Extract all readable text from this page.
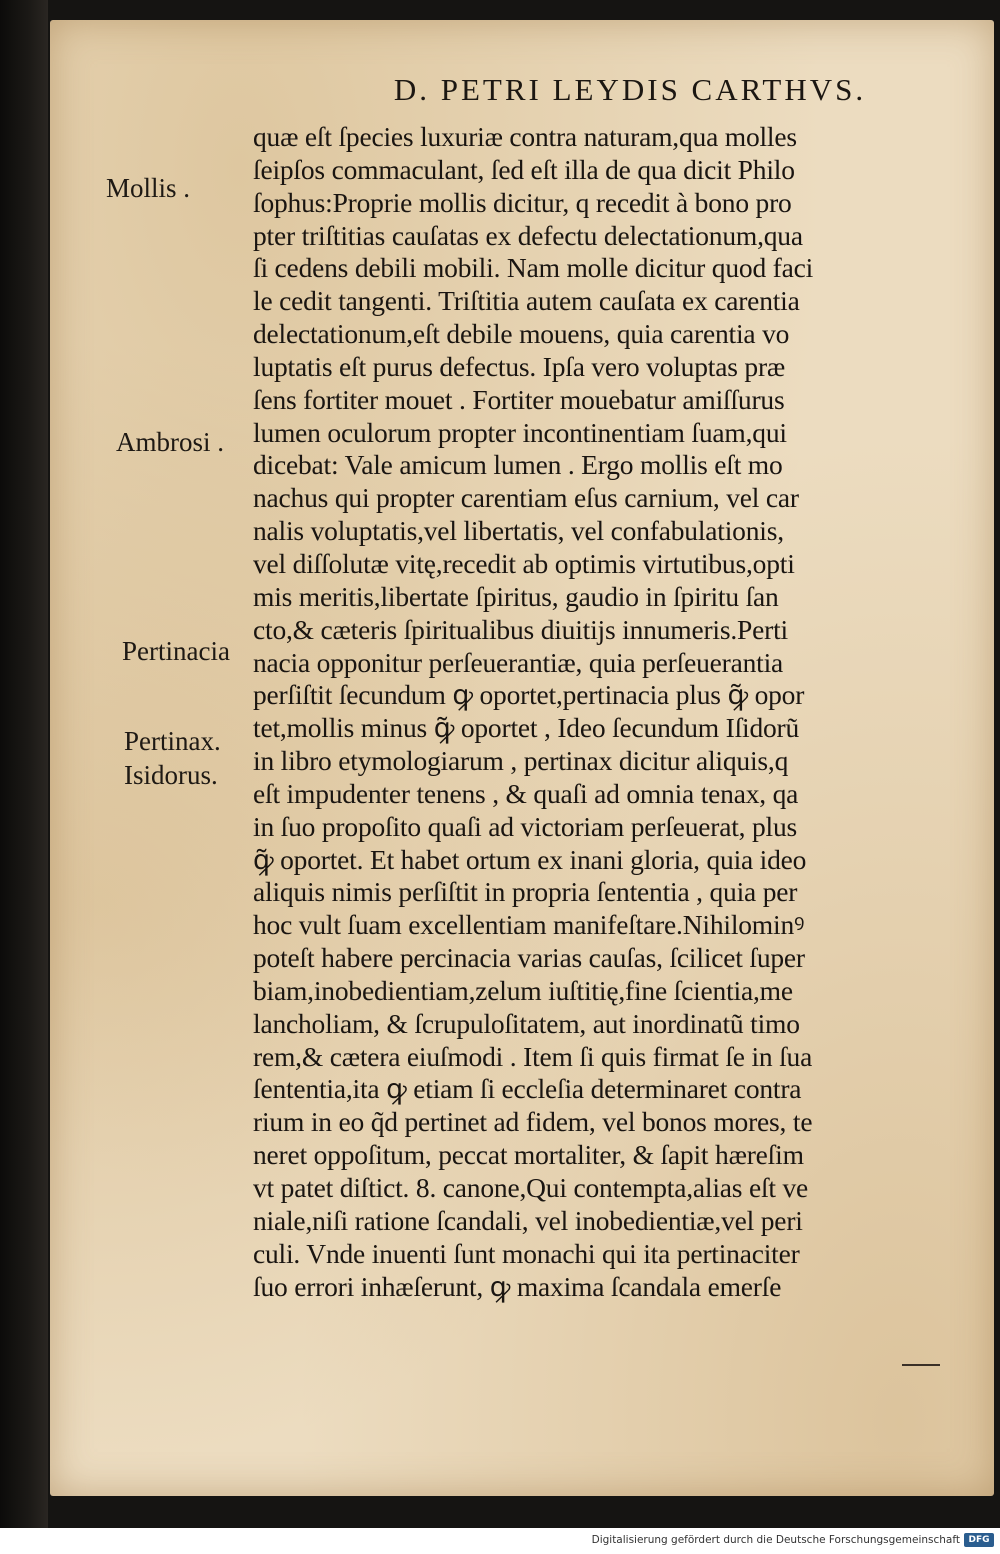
D. PETRI LEYDIS CARTHVS.
Mollis .
Ambrosi .
Pertinacia
Pertinax.
Isidorus.
quæ eſt ſpecies luxuriæ contra naturam,qua molles
ſeipſos commaculant, ſed eſt illa de qua dicit Philo
ſophus:Proprie mollis dicitur, q recedit à bono pro
pter triſtitias cauſatas ex defectu delectationum,qua
ſi cedens debili mobili. Nam molle dicitur quod faci
le cedit tangenti. Triſtitia autem cauſata ex carentia
delectationum,eſt debile mouens, quia carentia vo
luptatis eſt purus defectus. Ipſa vero voluptas præ
ſens fortiter mouet . Fortiter mouebatur amiſſurus
lumen oculorum propter incontinentiam ſuam,qui
dicebat: Vale amicum lumen . Ergo mollis eſt mo
nachus qui propter carentiam eſus carnium, vel car
nalis voluptatis,vel libertatis, vel confabulationis,
vel diſſolutæ vitę,recedit ab optimis virtutibus,opti
mis meritis,libertate ſpiritus, gaudio in ſpiritu ſan
cto,& cæteris ſpiritualibus diuitijs innumeris.Perti
nacia opponitur perſeuerantiæ, quia perſeuerantia
perſiſtit ſecundum ꝙ oportet,pertinacia plus ꝙ̃ opor
tet,mollis minus ꝙ̃ oportet , Ideo ſecundum Iſidorũ
in libro etymologiarum , pertinax dicitur aliquis,q
eſt impudenter tenens , & quaſi ad omnia tenax, qa
in ſuo propoſito quaſi ad victoriam perſeuerat, plus
ꝙ̃ oportet. Et habet ortum ex inani gloria, quia ideo
aliquis nimis perſiſtit in propria ſententia , quia per
hoc vult ſuam excellentiam manifeſtare.Nihilominꝰ
poteſt habere percinacia varias cauſas, ſcilicet ſuper
biam,inobedientiam,zelum iuſtitię,fine ſcientia,me
lancholiam, & ſcrupuloſitatem, aut inordinatũ timo
rem,& cætera eiuſmodi . Item ſi quis firmat ſe in ſua
ſententia,ita ꝙ etiam ſi eccleſia determinaret contra
rium in eo q̃d pertinet ad fidem, vel bonos mores, te
neret oppoſitum, peccat mortaliter, & ſapit hæreſim
vt patet diſtict. 8. canone,Qui contempta,alias eſt ve
niale,niſi ratione ſcandali, vel inobedientiæ,vel peri
culi. Vnde inuenti ſunt monachi qui ita pertinaciter
ſuo errori inhæſerunt, ꝙ maxima ſcandala emerſe
Digitalisierung gefördert durch die Deutsche Forschungsgemeinschaft DFG
